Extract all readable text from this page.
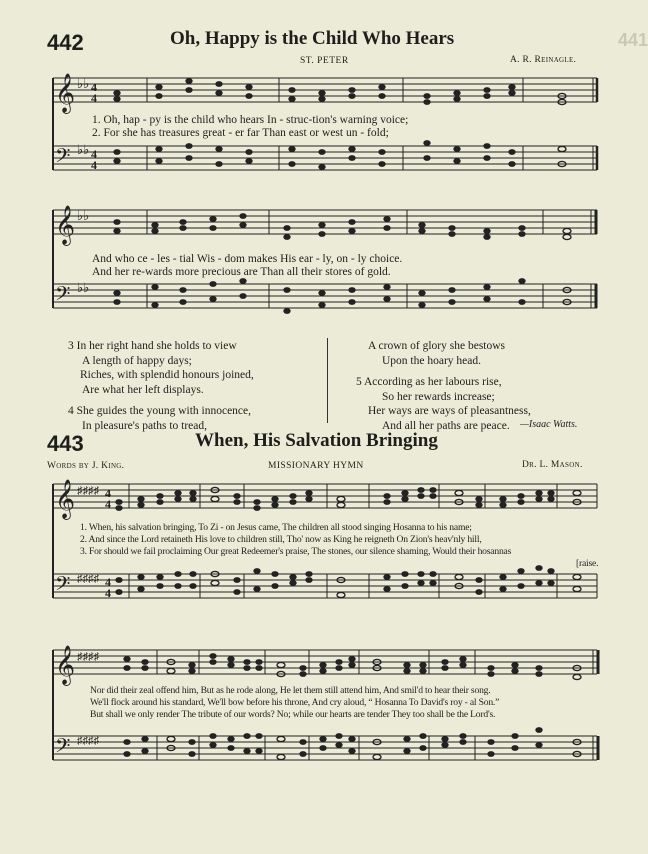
441
442	Oh, Happy is the Child Who Hears
ST. PETER	A. R. Reinagle.
𝄞
𝄢
♭♭
♭♭
4
4
4
4
1. Oh, hap - py is the child who hears In - struc-tion's warning voice;
2. For she has treasures great - er far Than east or west un - fold;
𝄞
𝄢
♭♭
♭♭
And who ce - les - tial Wis - dom makes His ear - ly, on - ly choice.
And her re-wards more precious are Than all their stores of gold.
3 In her right hand she holds to view
A length of happy days;
Riches, with splendid honours joined,
Are what her left displays.
4 She guides the young with innocence,
In pleasure's paths to tread,
A crown of glory she bestows
Upon the hoary head.
5 According as her labours rise,
So her rewards increase;
Her ways are ways of pleasantness,
And all her paths are peace.	—Isaac Watts.
443	When, His Salvation Bringing
Words by J. King.	MISSIONARY HYMN	Dr. L. Mason.
𝄞
𝄢
♯♯♯♯
♯♯♯♯
4
4
4
4
1. When, his salvation bringing, To Zi - on Jesus came, The children all stood singing Hosanna to his name;
2. And since the Lord retaineth His love to children still, Tho' now as King he reigneth On Zion's heav'nly hill,
3. For should we fail proclaiming Our great Redeemer's praise, The stones, our silence shaming, Would their hosannas
[raise.
𝄞
𝄢
♯♯♯♯
♯♯♯♯
Nor did their zeal offend him, But as he rode along, He let them still attend him, And smil'd to hear their song.
We'll flock around his standard, We'll bow before his throne, And cry aloud, “ Hosanna To David's roy - al Son.”
But shall we only render The tribute of our words? No; while our hearts are tender They too shall be the Lord's.
